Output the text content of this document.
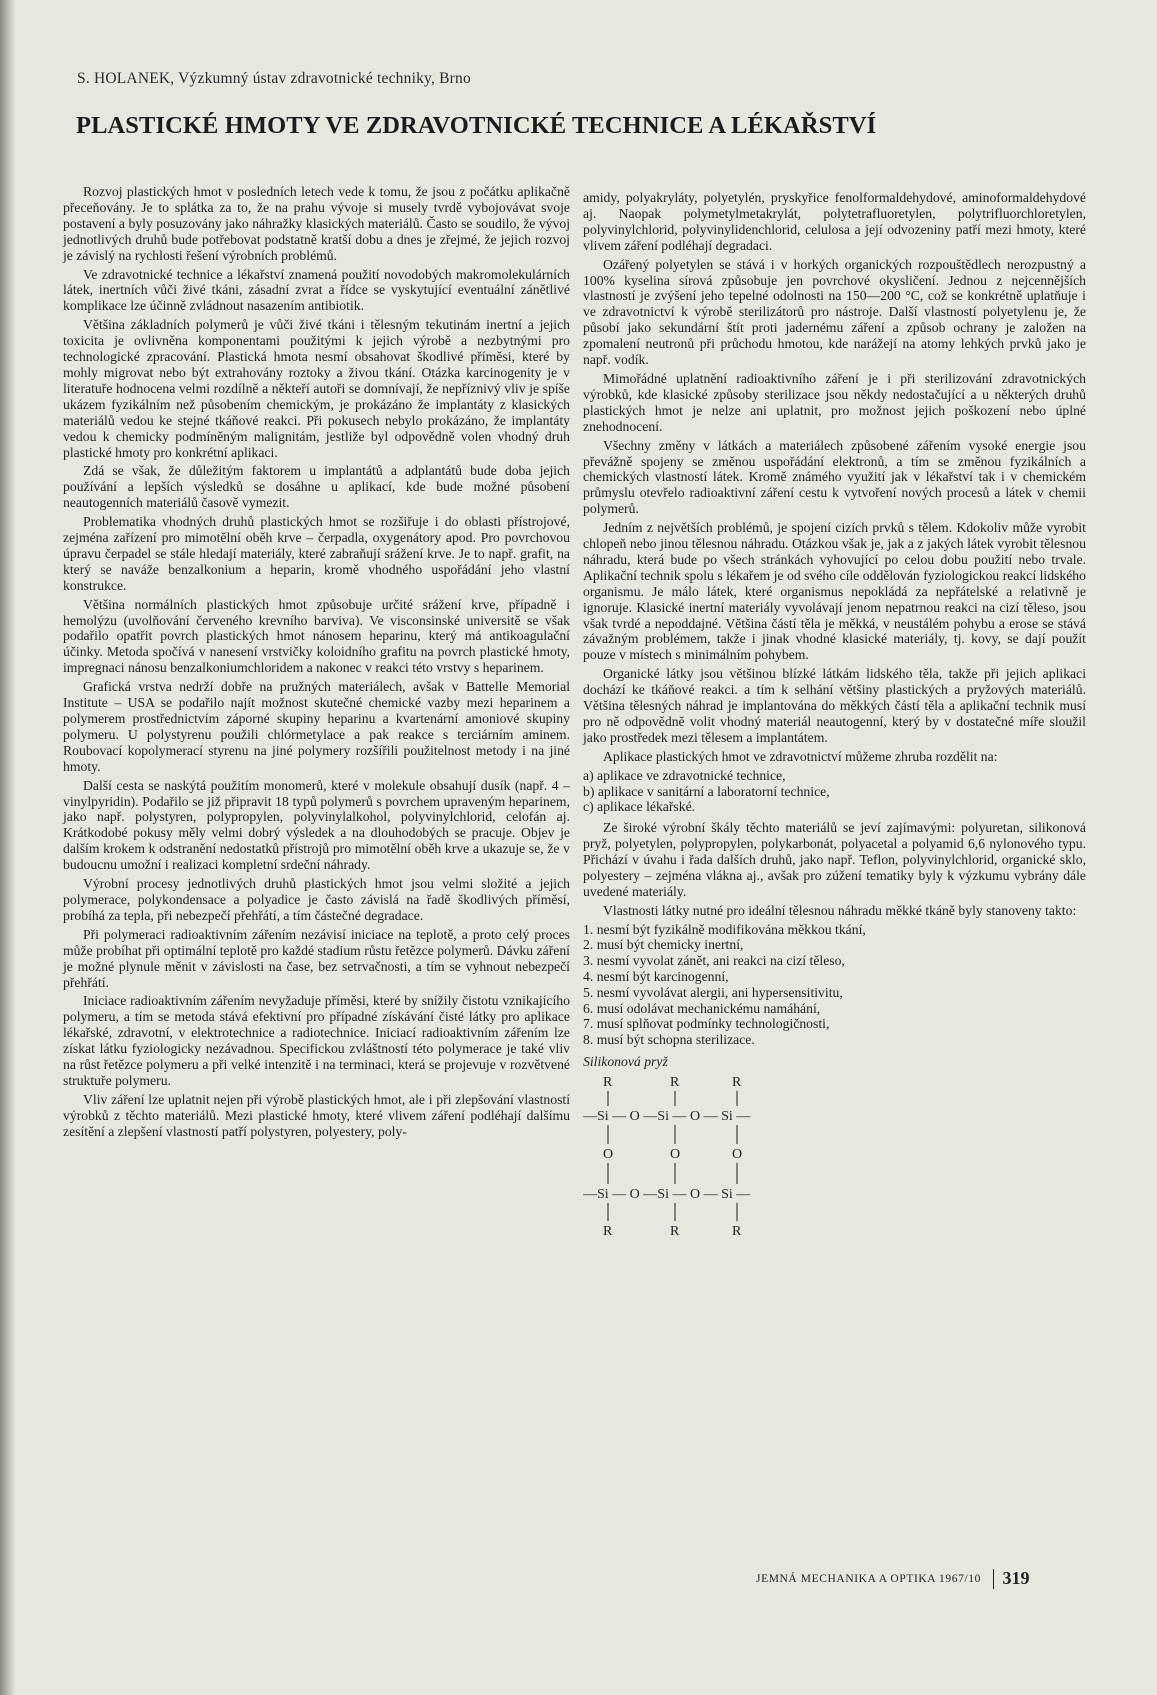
S. HOLANEK, Výzkumný ústav zdravotnické techniky, Brno
PLASTICKÉ HMOTY VE ZDRAVOTNICKÉ TECHNICE A LÉKAŘSTVÍ

Rozvoj plastických hmot v posledních letech vede k tomu, že jsou z počátku aplikačně přeceňovány. Je to splátka za to, že na prahu vývoje si musely tvrdě vybojovávat svoje postavení a byly posuzovány jako náhražky klasických materiálů. Často se soudilo, že vývoj jednotlivých druhů bude potřebovat podstatně kratší dobu a dnes je zřejmé, že jejich rozvoj je závislý na rychlosti řešení výrobních problémů.

Ve zdravotnické technice a lékařství znamená použití novodobých makromolekulárních látek, inertních vůči živé tkáni, zásadní zvrat a řídce se vyskytující eventuální zánětlivé komplikace lze účinně zvládnout nasazením antibiotik.

Většina základních polymerů je vůči živé tkáni i tělesným tekutinám inertní a jejich toxicita je ovlivněna komponentami použitými k jejich výrobě a nezbytnými pro technologické zpracování. Plastická hmota nesmí obsahovat škodlivé příměsi, které by mohly migrovat nebo být extrahovány roztoky a živou tkání. Otázka karcinogenity je v literatuře hodnocena velmi rozdílně a někteří autoři se domnívají, že nepříznivý vliv je spíše ukázem fyzikálním než působením chemickým, je prokázáno že implantáty z klasických materiálů vedou ke stejné tkáňové reakci. Při pokusech nebylo prokázáno, že implantáty vedou k chemicky podmíněným malignitám, jestliže byl odpovědně volen vhodný druh plastické hmoty pro konkrétní aplikaci.

Zdá se však, že důležitým faktorem u implantátů a adplantátů bude doba jejich používání a lepších výsledků se dosáhne u aplikací, kde bude možné působení neautogenních materiálů časově vymezit.

Problematika vhodných druhů plastických hmot se rozšiřuje i do oblasti přístrojové, zejména zařízení pro mimotělní oběh krve – čerpadla, oxygenátory apod. Pro povrchovou úpravu čerpadel se stále hledají materiály, které zabraňují srážení krve. Je to např. grafit, na který se naváže benzalkonium a heparin, kromě vhodného uspořádání jeho vlastní konstrukce.

Většina normálních plastických hmot způsobuje určité srážení krve, případně i hemolýzu (uvolňování červeného krevního barviva). Ve visconsinské universitě se však podařilo opatřit povrch plastických hmot nánosem heparinu, který má antikoagulační účinky. Metoda spočívá v nanesení vrstvičky koloidního grafitu na povrch plastické hmoty, impregnaci nánosu benzalkoniumchloridem a nakonec v reakci této vrstvy s heparinem.

Grafická vrstva nedrží dobře na pružných materiálech, avšak v Battelle Memorial Institute – USA se podařilo najít možnost skutečné chemické vazby mezi heparinem a polymerem prostřednictvím záporné skupiny heparinu a kvartenární amoniové skupiny polymeru. U polystyrenu použili chlórmetylace a pak reakce s terciárním aminem. Roubovací kopolymerací styrenu na jiné polymery rozšířili použitelnost metody i na jiné hmoty.

Další cesta se naskýtá použitím monomerů, které v molekule obsahují dusík (např. 4 – vinylpyridin). Podařilo se již připravit 18 typů polymerů s povrchem upraveným heparinem, jako např. polystyren, polypropylen, polyvinylalkohol, polyvinylchlorid, celofán aj. Krátkodobé pokusy měly velmi dobrý výsledek a na dlouhodobých se pracuje. Objev je dalším krokem k odstranění nedostatků přístrojů pro mimotělní oběh krve a ukazuje se, že v budoucnu umožní i realizaci kompletní srdeční náhrady.

Výrobní procesy jednotlivých druhů plastických hmot jsou velmi složité a jejich polymerace, polykondensace a polyadice je často závislá na řadě škodlivých příměsí, probíhá za tepla, při nebezpečí přehřátí, a tím částečné degradace.

Při polymeraci radioaktivním zářením nezávisí iniciace na teplotě, a proto celý proces může probíhat při optimální teplotě pro každé stadium růstu řetězce polymerů. Dávku záření je možné plynule měnit v závislosti na čase, bez setrvačnosti, a tím se vyhnout nebezpečí přehřátí.

Iniciace radioaktivním zářením nevyžaduje příměsi, které by snížily čistotu vznikajícího polymeru, a tím se metoda stává efektivní pro případné získávání čisté látky pro aplikace lékařské, zdravotní, v elektrotechnice a radiotechnice. Iniciací radioaktivním zářením lze získat látku fyziologicky nezávadnou. Specifickou zvláštností této polymerace je také vliv na růst řetězce polymeru a při velké intenzitě i na terminaci, která se projevuje v rozvětvené struktuře polymeru.

Vliv záření lze uplatnit nejen při výrobě plastických hmot, ale i při zlepšování vlastností výrobků z těchto materiálů. Mezi plastické hmoty, které vlivem záření podléhají dalšímu zesítění a zlepšení vlastností patří polystyren, polyestery, poly-

amidy, polyakryláty, polyetylén, pryskyřice fenolformaldehydové, aminoformaldehydové aj. Naopak polymetylmetakrylát, polytetrafluoretylen, polytrifluorchloretylen, polyvinylchlorid, polyvinylidenchlorid, celulosa a její odvozeniny patří mezi hmoty, které vlivem záření podléhají degradaci.

Ozářený polyetylen se stává i v horkých organických rozpouštědlech nerozpustný a 100% kyselina sírová způsobuje jen povrchové okysličení. Jednou z nejcennějších vlastností je zvýšení jeho tepelné odolnosti na 150—200 °C, což se konkrétně uplatňuje i ve zdravotnictví k výrobě sterilizátorů pro nástroje. Další vlastností polyetylenu je, že působí jako sekundární štít proti jadernému záření a způsob ochrany je založen na zpomalení neutronů při průchodu hmotou, kde narážejí na atomy lehkých prvků jako je např. vodík.

Mimořádné uplatnění radioaktivního záření je i při sterilizování zdravotnických výrobků, kde klasické způsoby sterilizace jsou někdy nedostačující a u některých druhů plastických hmot je nelze ani uplatnit, pro možnost jejich poškození nebo úplné znehodnocení.

Všechny změny v látkách a materiálech způsobené zářením vysoké energie jsou převážně spojeny se změnou uspořádání elektronů, a tím se změnou fyzikálních a chemických vlastností látek. Kromě známého využití jak v lékařství tak i v chemickém průmyslu otevřelo radioaktivní záření cestu k vytvoření nových procesů a látek v chemii polymerů.

Jedním z největších problémů, je spojení cizích prvků s tělem. Kdokoliv může vyrobit chlopeň nebo jinou tělesnou náhradu. Otázkou však je, jak a z jakých látek vyrobit tělesnou náhradu, která bude po všech stránkách vyhovující po celou dobu použití nebo trvale. Aplikační technik spolu s lékařem je od svého cíle oddělován fyziologickou reakcí lidského organismu. Je málo látek, které organismus nepokládá za nepřátelské a relativně je ignoruje. Klasické inertní materiály vyvolávají jenom nepatrnou reakci na cizí těleso, jsou však tvrdé a nepoddajné. Většina částí těla je měkká, v neustálém pohybu a erose se stává závažným problémem, takže i jinak vhodné klasické materiály, tj. kovy, se dají použít pouze v místech s minimálním pohybem.

Organické látky jsou většinou blízké látkám lidského těla, takže při jejich aplikaci dochází ke tkáňové reakci. a tím k selhání většiny plastických a pryžových materiálů. Většina tělesných náhrad je implantována do měkkých částí těla a aplikační technik musí pro ně odpovědně volit vhodný materiál neautogenní, který by v dostatečné míře sloužil jako prostředek mezi tělesem a implantátem.

Aplikace plastických hmot ve zdravotnictví můžeme zhruba rozdělit na:

a) aplikace ve zdravotnické technice,
b) aplikace v sanitární a laboratorní technice,
c) aplikace lékařské.

Ze široké výrobní škály těchto materiálů se jeví zajímavými: polyuretan, silikonová pryž, polyetylen, polypropylen, polykarbonát, polyacetal a polyamid 6,6 nylonového typu. Přichází v úvahu i řada dalších druhů, jako např. Teflon, polyvinylchlorid, organické sklo, polyestery – zejména vlákna aj., avšak pro zúžení tematiky byly k výzkumu vybrány dále uvedené materiály.

Vlastnosti látky nutné pro ideální tělesnou náhradu měkké tkáně byly stanoveny takto:

1. nesmí být fyzikálně modifikována měkkou tkání,
2. musí být chemicky inertní,
3. nesmí vyvolat zánět, ani reakci na cizí těleso,
4. nesmí být karcinogenní,
5. nesmí vyvolávat alergii, ani hypersensitivitu,
6. musí odolávat mechanickému namáhání,
7. musí splňovat podmínky technologičnosti,
8. musí být schopna sterilizace.
Silikonová pryž
R	R	R
—Si — O —Si — O — Si —
O	O	O
—Si — O —Si — O — Si —
R	R	R
JEMNÁ MECHANIKA A OPTIKA 1967/10 319
